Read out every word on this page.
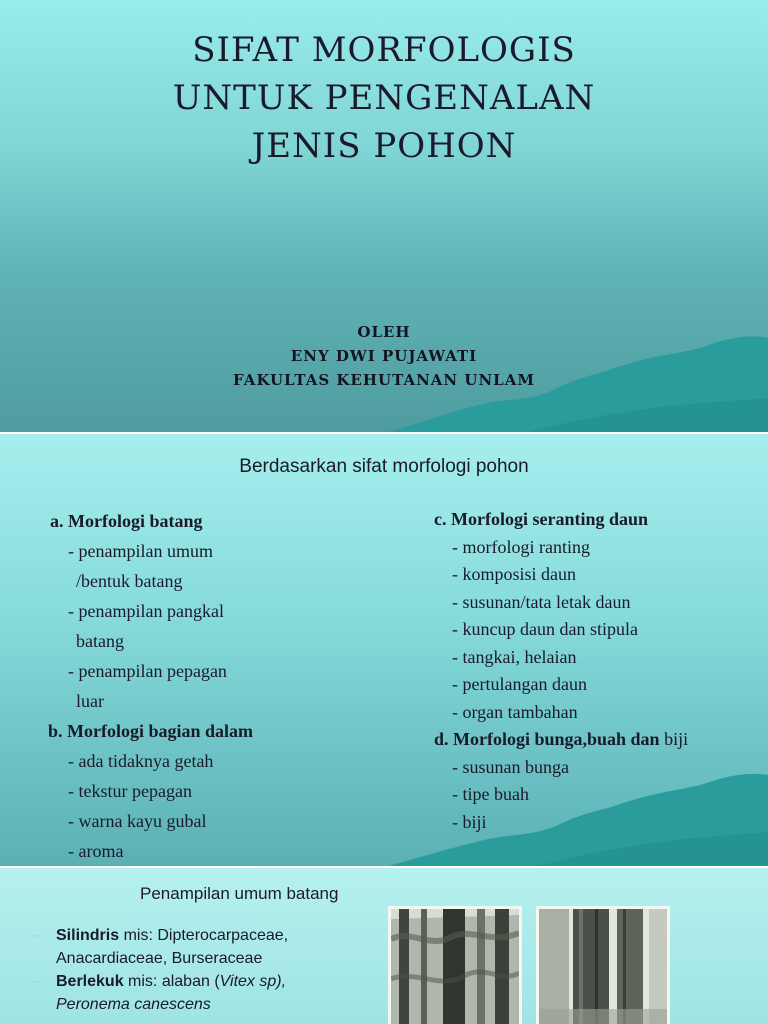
SIFAT MORFOLOGIS
UNTUK PENGENALAN
JENIS POHON
OLEH
ENY DWI PUJAWATI
FAKULTAS KEHUTANAN UNLAM
Berdasarkan sifat morfologi pohon
a. Morfologi batang
- penampilan umum
/bentuk batang
- penampilan pangkal
batang
- penampilan pepagan
luar
b. Morfologi bagian dalam
- ada tidaknya getah
- tekstur pepagan
- warna kayu gubal
- aroma
c. Morfologi seranting daun
- morfologi ranting
- komposisi daun
- susunan/tata letak daun
- kuncup daun dan stipula
- tangkai, helaian
- pertulangan daun
- organ tambahan
d. Morfologi bunga,buah dan biji
- susunan bunga
- tipe buah
- biji
Penampilan umum batang
– Silindris mis: Dipterocarpaceae,
Anacardiaceae, Burseraceae
– Berlekuk mis: alaban (Vitex sp),
Peronema canescens
